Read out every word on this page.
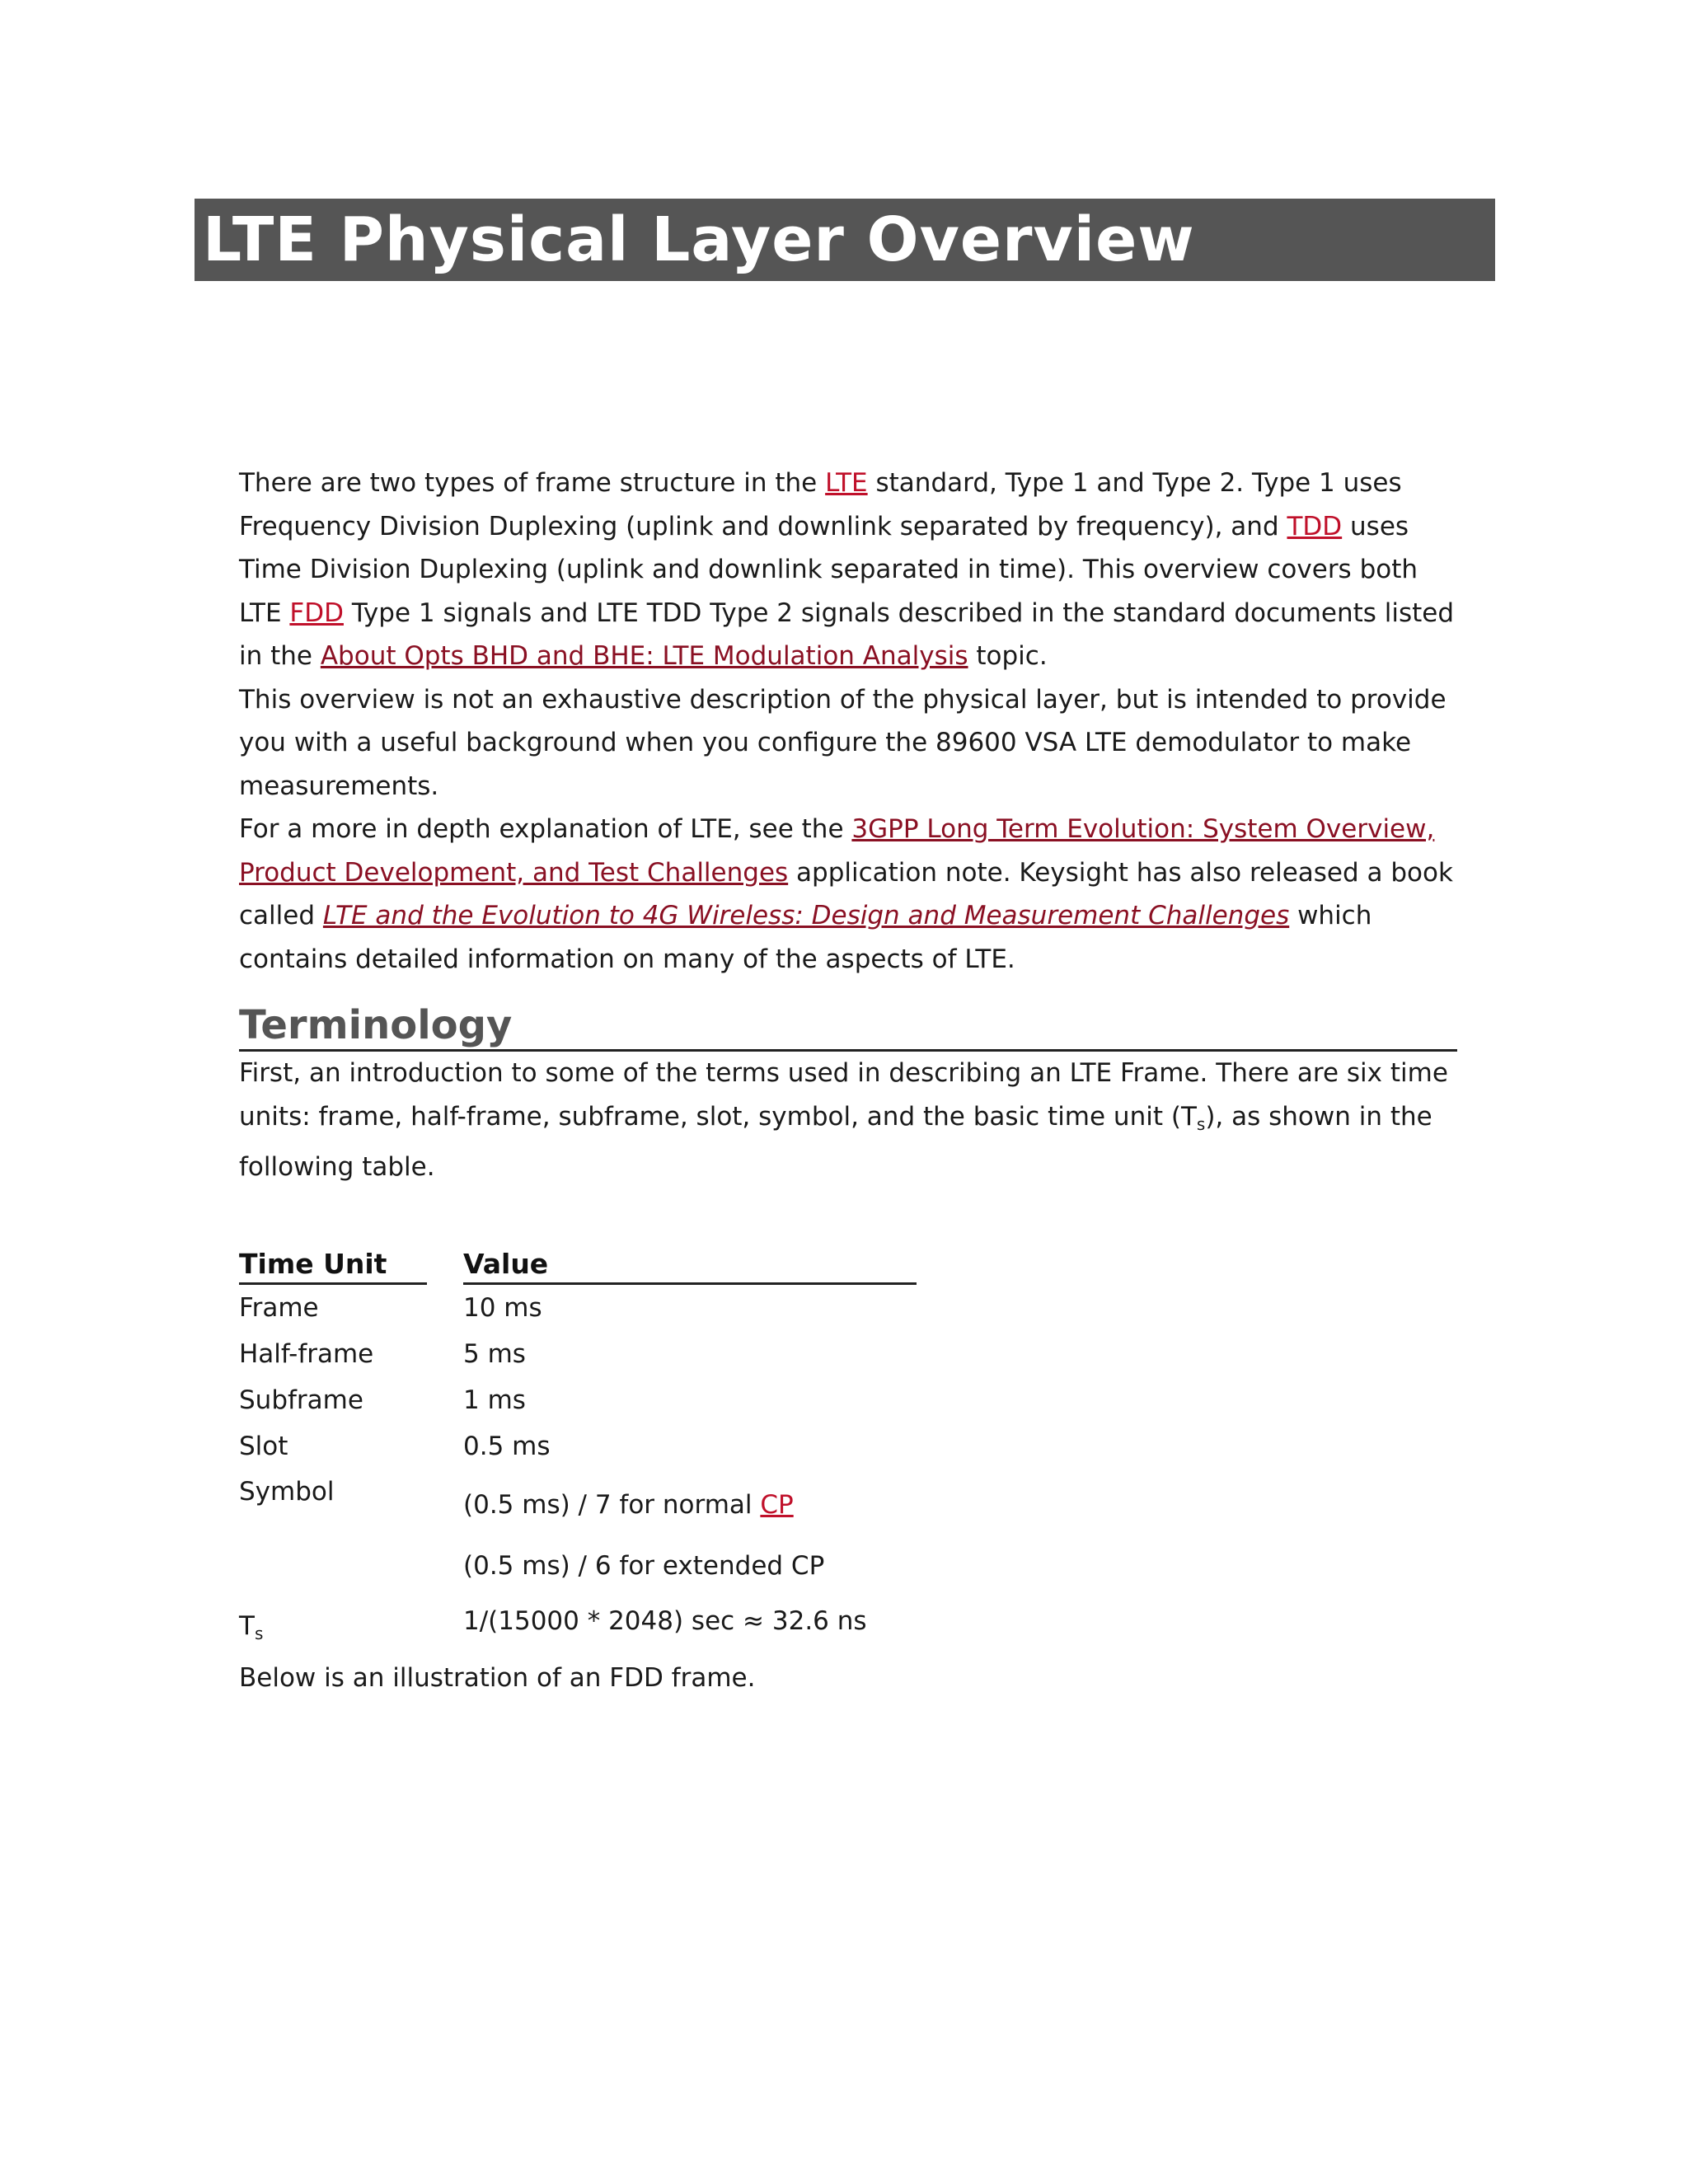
LTE Physical Layer Overview

There are two types of frame structure in the LTE standard, Type 1 and Type 2. Type 1 uses Frequency Division Duplexing (uplink and downlink separated by frequency), and TDD uses Time Division Duplexing (uplink and downlink separated in time). This overview covers both LTE FDD Type 1 signals and LTE TDD Type 2 signals described in the standard documents listed in the About Opts BHD and BHE: LTE Modulation Analysis topic.

This overview is not an exhaustive description of the physical layer, but is intended to provide you with a useful background when you configure the 89600 VSA LTE demodulator to make measurements.

For a more in depth explanation of LTE, see the 3GPP Long Term Evolution: System Overview, Product Development, and Test Challenges application note. Keysight has also released a book called LTE and the Evolution to 4G Wireless: Design and Measurement Challenges which contains detailed information on many of the aspects of LTE.

Terminology

First, an introduction to some of the terms used in describing an LTE Frame. There are six time units: frame, half-frame, subframe, slot, symbol, and the basic time unit $(T_s)$, as shown in the following table.

Time Unit	Value
Frame	10 ms
Half-frame	5 ms
Subframe	1 ms
Slot	0.5 ms
Symbol	(0.5 ms) / 7 for normal CP
(0.5 ms) / 6 for extended CP
$T_s$	1/(15000 * 2048) sec ≈ 32.6 ns

Below is an illustration of an FDD frame.
